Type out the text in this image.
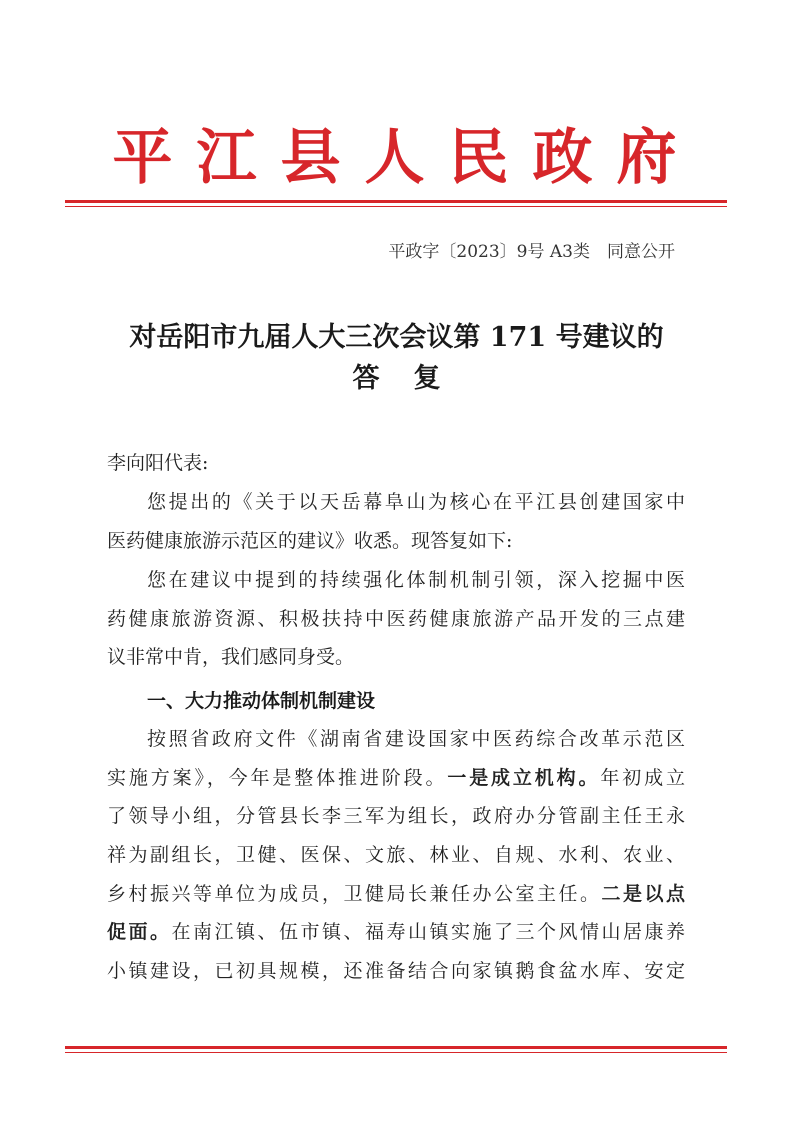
平江县人民政府
平政字〔2023〕9号 A3类　同意公开
对岳阳市九届人大三次会议第 171 号建议的
答复
李向阳代表:
您提出的《关于以天岳幕阜山为核心在平江县创建国家中
医药健康旅游示范区的建议》收悉。现答复如下:
您在建议中提到的持续强化体制机制引领，深入挖掘中医
药健康旅游资源、积极扶持中医药健康旅游产品开发的三点建
议非常中肯，我们感同身受。
一、大力推动体制机制建设
按照省政府文件《湖南省建设国家中医药综合改革示范区
实施方案》，今年是整体推进阶段。一是成立机构。年初成立
了领导小组，分管县长李三军为组长，政府办分管副主任王永
祥为副组长，卫健、医保、文旅、林业、自规、水利、农业、
乡村振兴等单位为成员，卫健局长兼任办公室主任。二是以点
促面。在南江镇、伍市镇、福寿山镇实施了三个风情山居康养
小镇建设，已初具规模，还准备结合向家镇鹅食盆水库、安定
